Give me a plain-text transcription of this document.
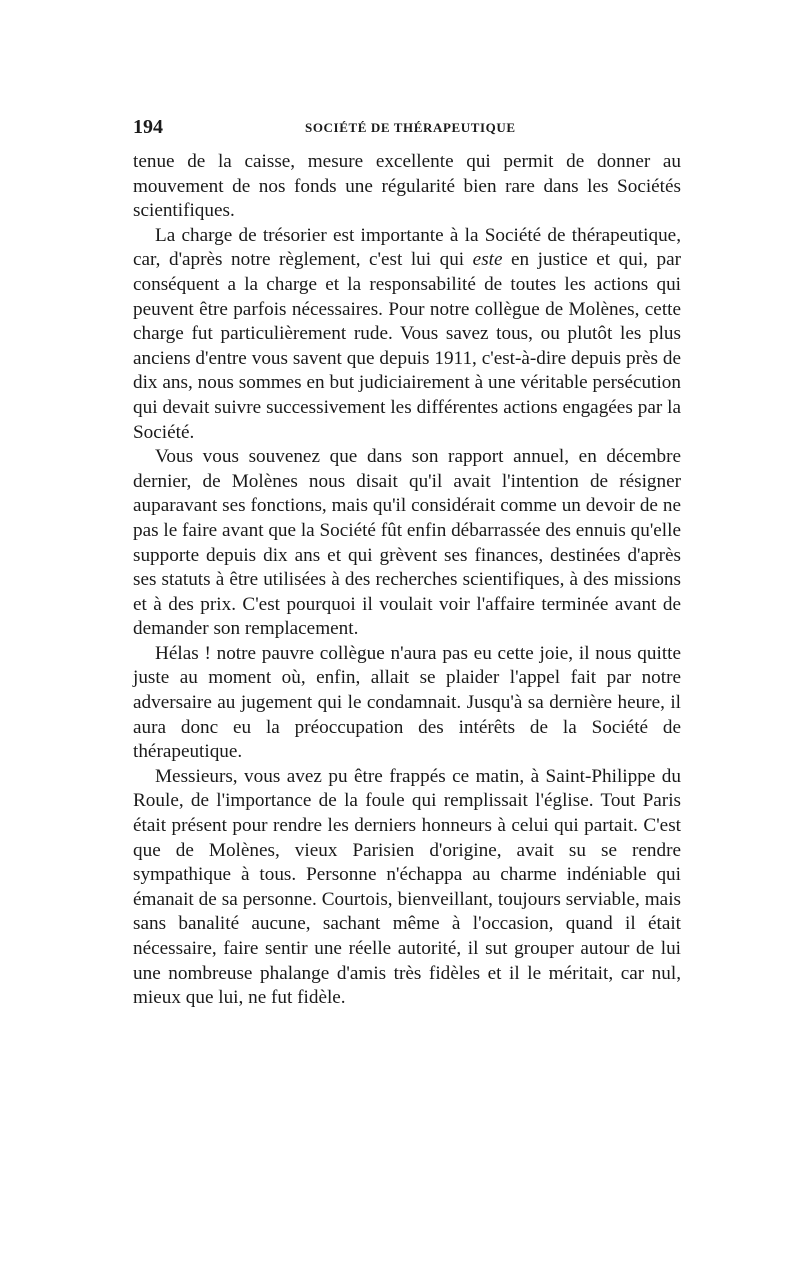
194	SOCIÉTÉ DE THÉRAPEUTIQUE

tenue de la caisse, mesure excellente qui permit de donner au mouvement de nos fonds une régularité bien rare dans les Sociétés scientifiques.

La charge de trésorier est importante à la Société de thérapeutique, car, d'après notre règlement, c'est lui qui este en justice et qui, par conséquent a la charge et la responsabilité de toutes les actions qui peuvent être parfois nécessaires. Pour notre collègue de Molènes, cette charge fut particulièrement rude. Vous savez tous, ou plutôt les plus anciens d'entre vous savent que depuis 1911, c'est-à-dire depuis près de dix ans, nous sommes en but judiciairement à une véritable persécution qui devait suivre successivement les différentes actions engagées par la Société.

Vous vous souvenez que dans son rapport annuel, en décembre dernier, de Molènes nous disait qu'il avait l'intention de résigner auparavant ses fonctions, mais qu'il considérait comme un devoir de ne pas le faire avant que la Société fût enfin débarrassée des ennuis qu'elle supporte depuis dix ans et qui grèvent ses finances, destinées d'après ses statuts à être utilisées à des recherches scientifiques, à des missions et à des prix. C'est pourquoi il voulait voir l'affaire terminée avant de demander son remplacement.

Hélas ! notre pauvre collègue n'aura pas eu cette joie, il nous quitte juste au moment où, enfin, allait se plaider l'appel fait par notre adversaire au jugement qui le condamnait. Jusqu'à sa dernière heure, il aura donc eu la préoccupation des intérêts de la Société de thérapeutique.

Messieurs, vous avez pu être frappés ce matin, à Saint-Philippe du Roule, de l'importance de la foule qui remplissait l'église. Tout Paris était présent pour rendre les derniers honneurs à celui qui partait. C'est que de Molènes, vieux Parisien d'origine, avait su se rendre sympathique à tous. Personne n'échappa au charme indéniable qui émanait de sa personne. Courtois, bienveillant, toujours serviable, mais sans banalité aucune, sachant même à l'occasion, quand il était nécessaire, faire sentir une réelle autorité, il sut grouper autour de lui une nombreuse phalange d'amis très fidèles et il le méritait, car nul, mieux que lui, ne fut fidèle.
